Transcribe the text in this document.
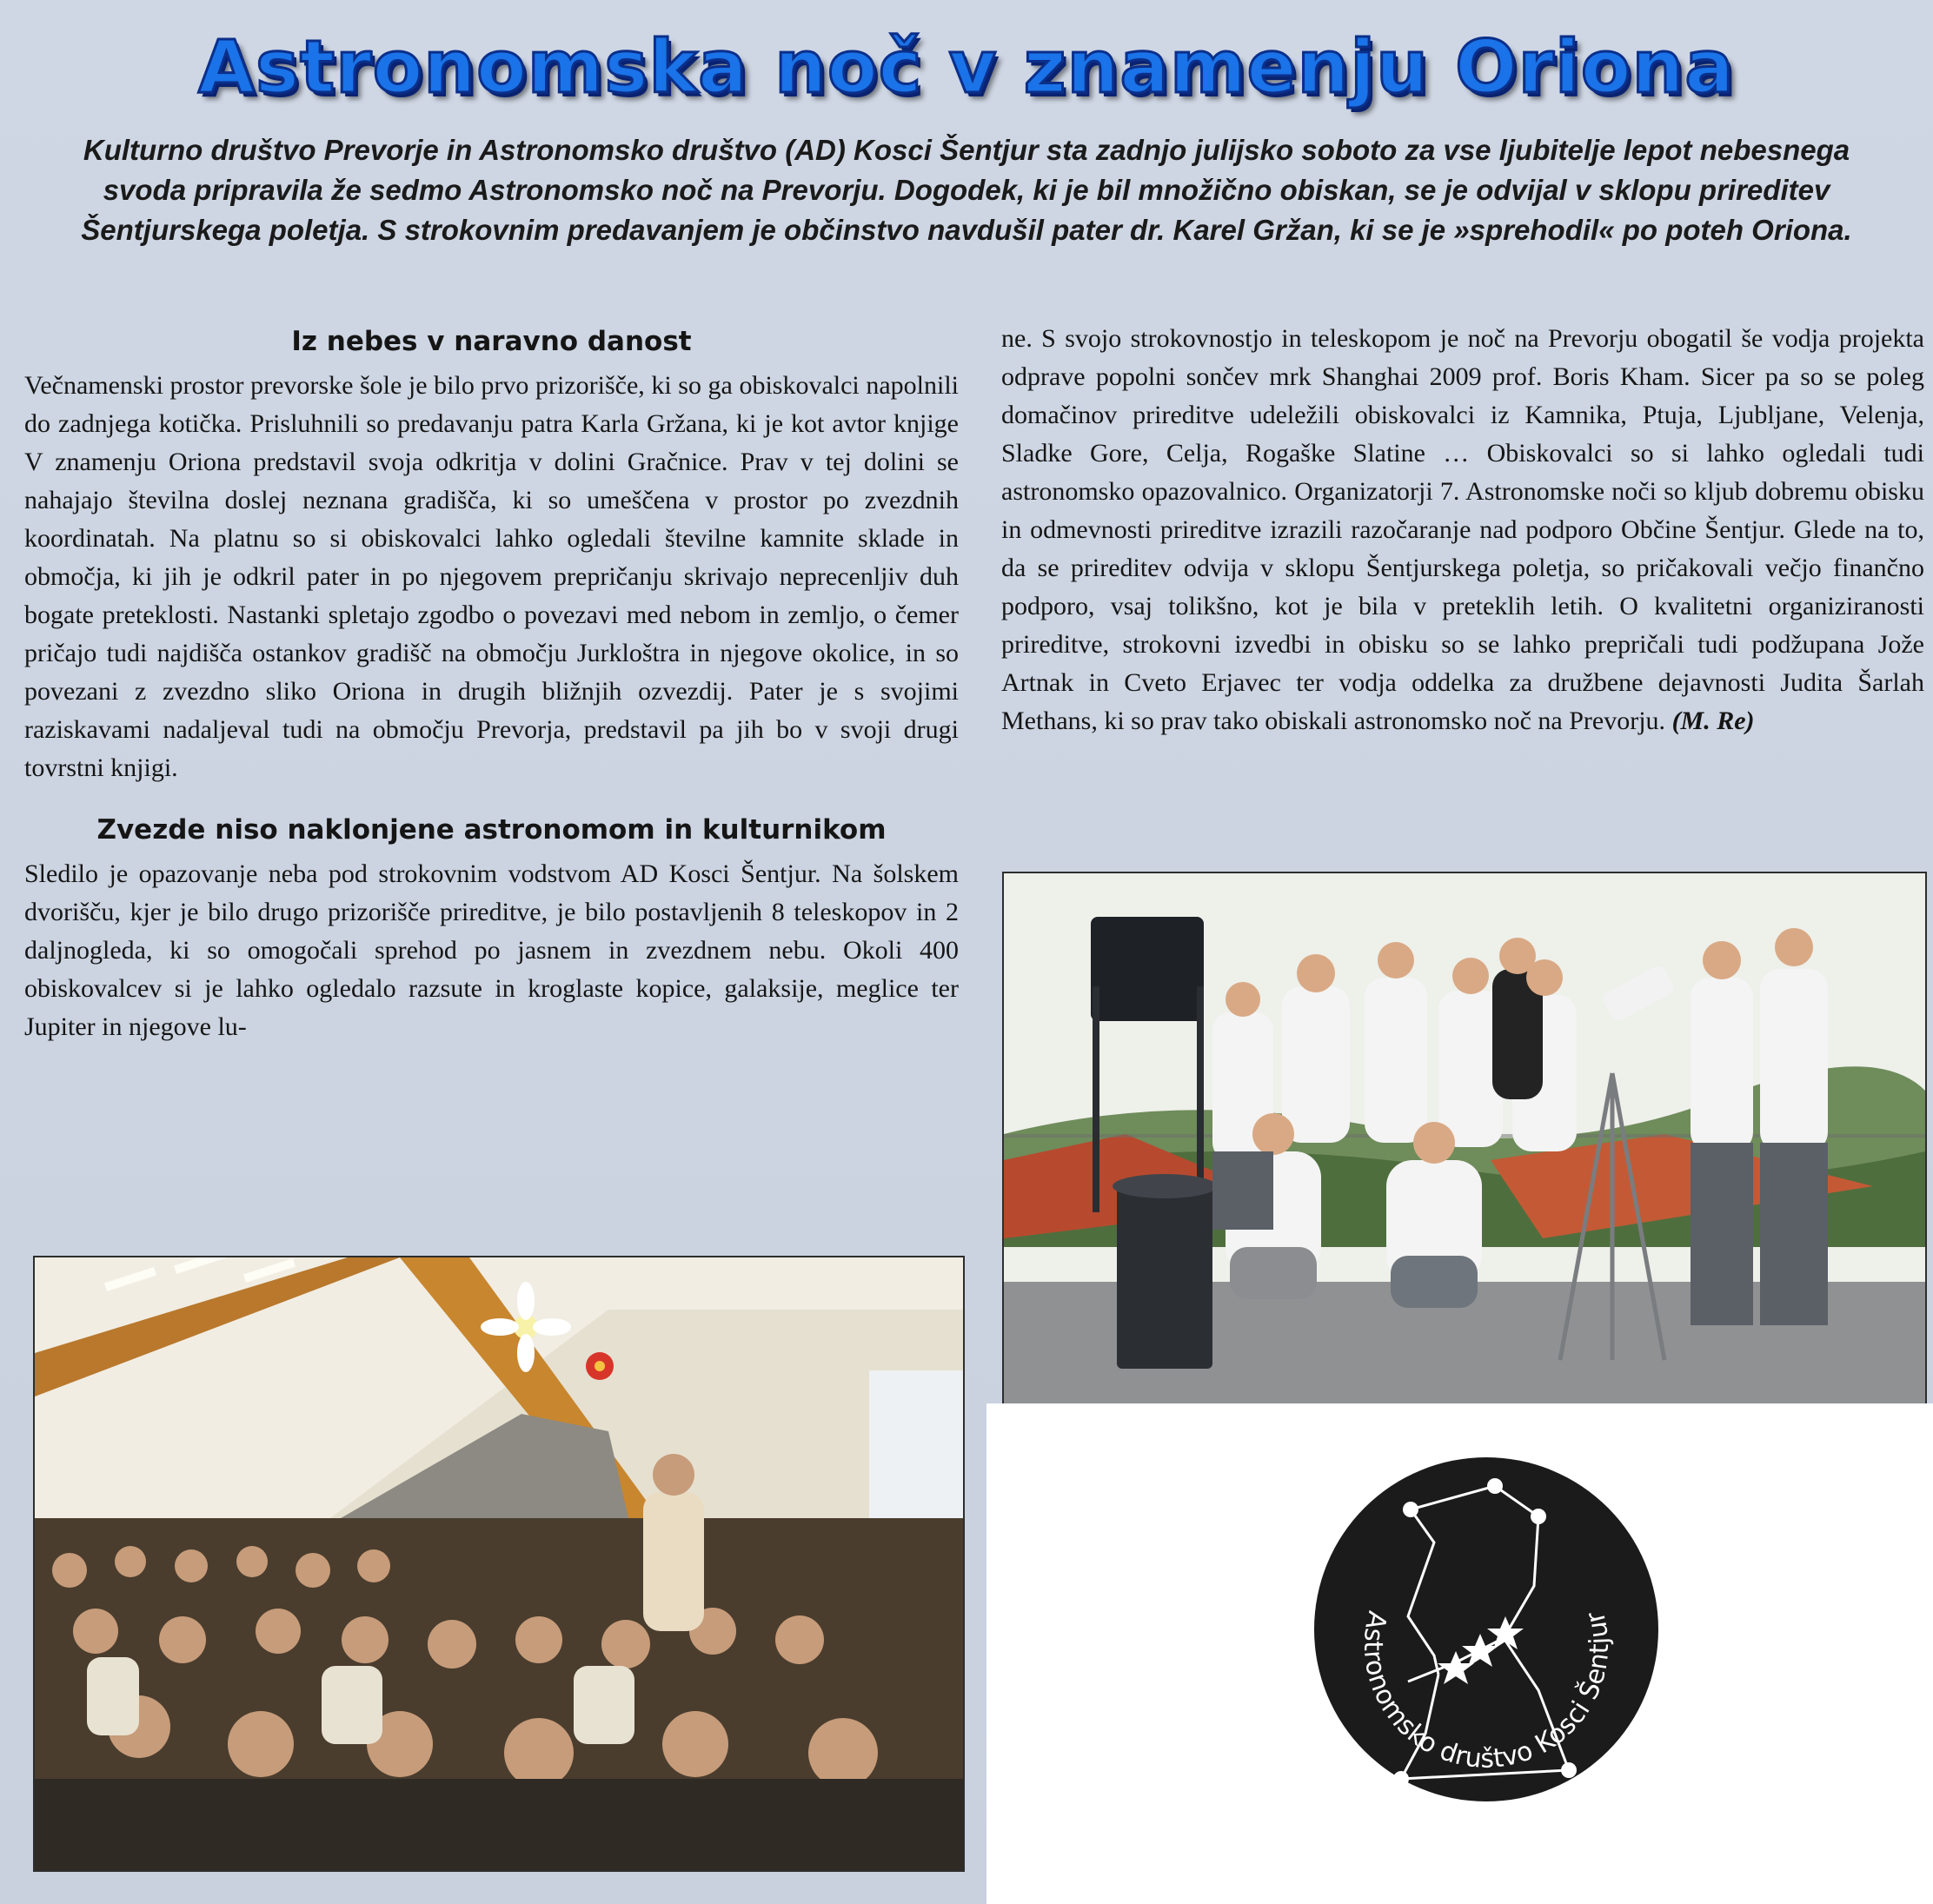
Astronomska noč v znamenju Oriona
Kulturno društvo Prevorje in Astronomsko društvo (AD) Kosci Šentjur sta zadnjo julijsko soboto za vse ljubitelje lepot nebesnega svoda pripravila že sedmo Astronomsko noč na Prevorju. Dogodek, ki je bil množično obiskan, se je odvijal v sklopu prireditev Šentjurskega poletja. S strokovnim predavanjem je občinstvo navdušil pater dr. Karel Gržan, ki se je »sprehodil« po poteh Oriona.
Iz nebes v naravno danost

Večnamenski prostor prevorske šole je bilo prvo prizorišče, ki so ga obiskovalci napolnili do zadnjega kotička. Prisluhnili so predavanju patra Karla Gržana, ki je kot avtor knjige V znamenju Oriona predstavil svoja odkritja v dolini Gračnice. Prav v tej dolini se nahajajo številna doslej neznana gradišča, ki so umeščena v prostor po zvezdnih koordinatah. Na platnu so si obiskovalci lahko ogledali številne kamnite sklade in območja, ki jih je odkril pater in po njegovem prepričanju skrivajo neprecenljiv duh bogate preteklosti. Nastanki spletajo zgodbo o povezavi med nebom in zemljo, o čemer pričajo tudi najdišča ostankov gradišč na območju Jurkloštra in njegove okolice, in so povezani z zvezdno sliko Oriona in drugih bližnjih ozvezdij. Pater je s svojimi raziskavami nadaljeval tudi na območju Prevorja, predstavil pa jih bo v svoji drugi tovrstni knjigi.

Zvezde niso naklonjene astronomom in kulturnikom

Sledilo je opazovanje neba pod strokovnim vodstvom AD Kosci Šentjur. Na šolskem dvorišču, kjer je bilo drugo prizorišče prireditve, je bilo postavljenih 8 teleskopov in 2 daljnogleda, ki so omogočali sprehod po jasnem in zvezdnem nebu. Okoli 400 obiskovalcev si je lahko ogledalo razsute in kroglaste kopice, galaksije, meglice ter Jupiter in njegove lu-

ne. S svojo strokovnostjo in teleskopom je noč na Prevorju obogatil še vodja projekta odprave popolni sončev mrk Shanghai 2009 prof. Boris Kham. Sicer pa so se poleg domačinov prireditve udeležili obiskovalci iz Kamnika, Ptuja, Ljubljane, Velenja, Sladke Gore, Celja, Rogaške Slatine … Obiskovalci so si lahko ogledali tudi astronomsko opazovalnico. Organizatorji 7. Astronomske noči so kljub dobremu obisku in odmevnosti prireditve izrazili razočaranje nad podporo Občine Šentjur. Glede na to, da se prireditev odvija v sklopu Šentjurskega poletja, so pričakovali večjo finančno podporo, vsaj tolikšno, kot je bila v preteklih letih. O kvalitetni organiziranosti prireditve, strokovni izvedbi in obisku so se lahko prepričali tudi podžupana Jože Artnak in Cveto Erjavec ter vodja oddelka za družbene dejavnosti Judita Šarlah Methans, ki so prav tako obiskali astronomsko noč na Prevorju. (M. Re)

Astronomsko društvo Kosci Šentjur
